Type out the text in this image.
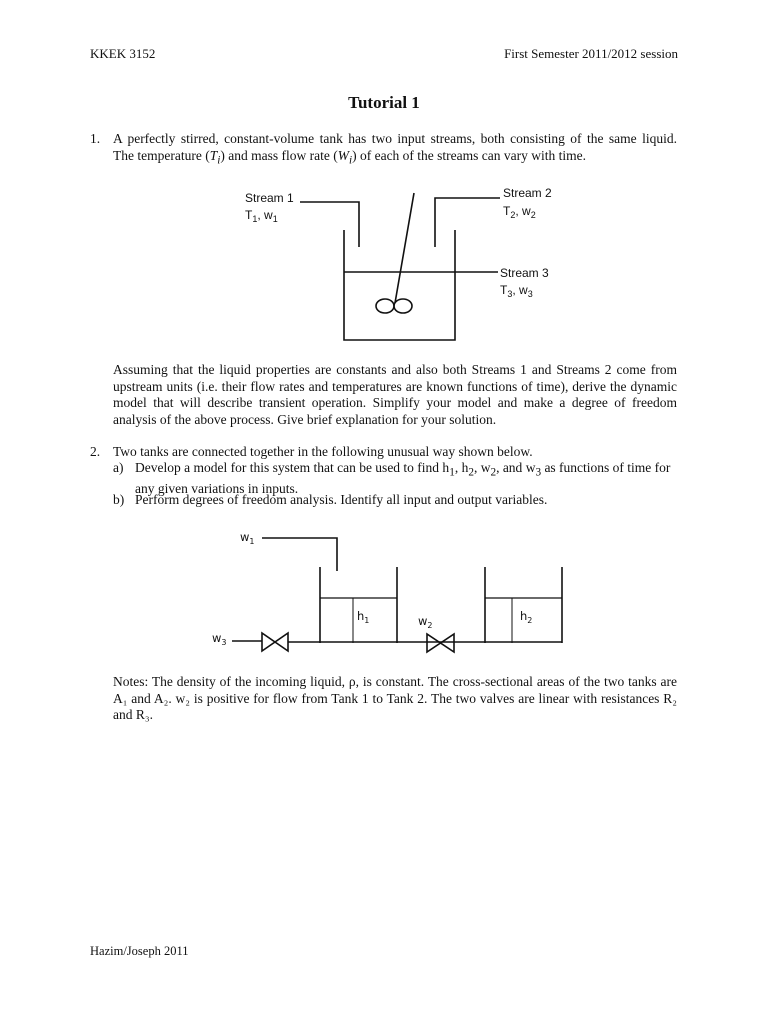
KKEK 3152	First Semester 2011/2012 session
Tutorial 1
1. A perfectly stirred, constant-volume tank has two input streams, both consisting of the same liquid.
The temperature $(T_i)$ and mass flow rate $(W_i)$ of each of the streams can vary with time.
Stream 1
$T_1$, $w_1$
Stream 2
$T_2$, $w_2$
Stream 3
$T_3$, $w_3$
Assuming that the liquid properties are constants and also both Streams 1 and Streams 2 come from upstream units (i.e. their flow rates and temperatures are known functions of time), derive the dynamic model that will describe transient operation. Simplify your model and make a degree of freedom analysis of the above process. Give brief explanation for your solution.
2. Two tanks are connected together in the following unusual way shown below.
a) Develop a model for this system that can be used to find $h_1$, $h_2$, $w_2$, and $w_3$ as functions of time for any given variations in inputs.
b) Perform degrees of freedom analysis. Identify all input and output variables.
$w_1$
$h_1$	$w_2$
$h_2$
$w_3$
Notes: The density of the incoming liquid, ρ, is constant. The cross-sectional areas of the two tanks are A₁ and A₂. w₂ is positive for flow from Tank 1 to Tank 2. The two valves are linear with resistances R₂ and R₃.
Hazim/Joseph 2011
